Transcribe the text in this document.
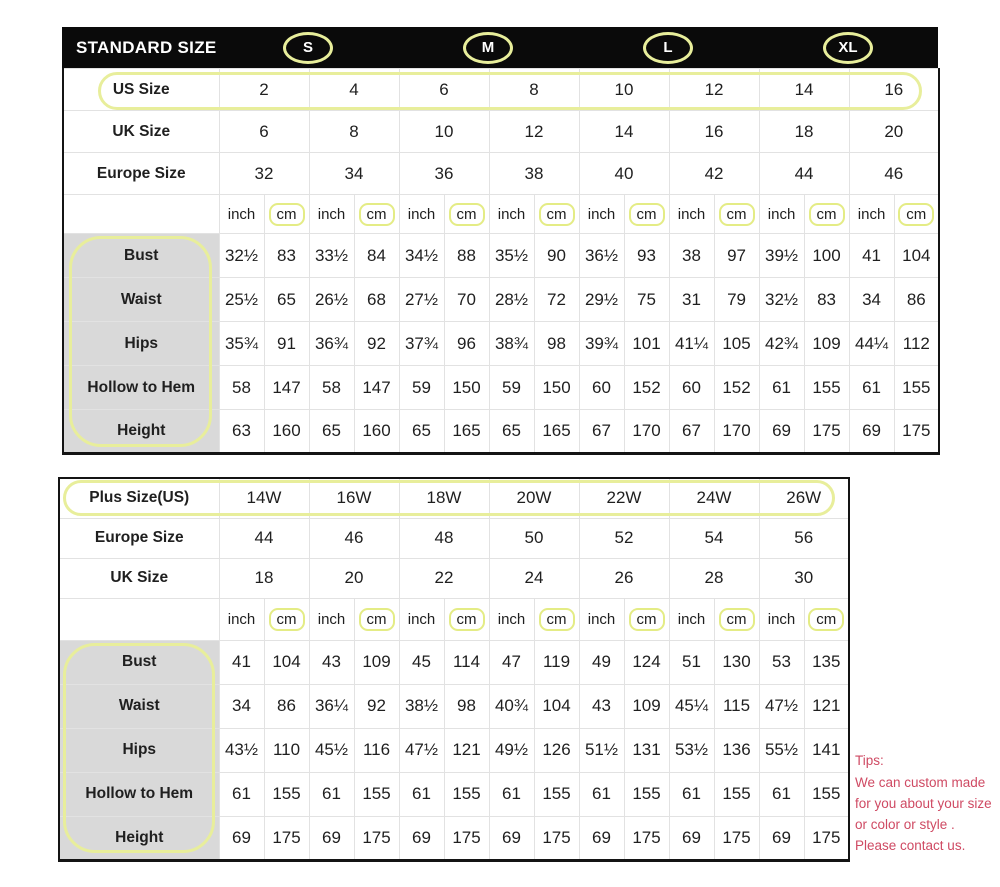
STANDARD SIZE	S	M	L	XL
US Size	2		4		6		8		10		12		14		16	
UK Size	6		8		10		12		14		16		18		20	
Europe Size	32		34		36		38		40		42		44		46	
	inch	cm	inch	cm	inch	cm	inch	cm	inch	cm	inch	cm	inch	cm	inch	cm
Bust	32½	83	33½	84	34½	88	35½	90	36½	93	38	97	39½	100	41	104
Waist	25½	65	26½	68	27½	70	28½	72	29½	75	31	79	32½	83	34	86
Hips	35¾	91	36¾	92	37¾	96	38¾	98	39¾	101	41¼	105	42¾	109	44¼	112
Hollow to Hem	58	147	58	147	59	150	59	150	60	152	60	152	61	155	61	155
Height	63	160	65	160	65	165	65	165	67	170	67	170	69	175	69	175
Plus Size(US)	14W		16W		18W		20W		22W		24W		26W	
Europe Size	44		46		48		50		52		54		56	
UK Size	18		20		22		24		26		28		30	
	inch	cm	inch	cm	inch	cm	inch	cm	inch	cm	inch	cm	inch	cm
Bust	41	104	43	109	45	114	47	119	49	124	51	130	53	135
Waist	34	86	36¼	92	38½	98	40¾	104	43	109	45¼	115	47½	121
Hips	43½	110	45½	116	47½	121	49½	126	51½	131	53½	136	55½	141
Hollow to Hem	61	155	61	155	61	155	61	155	61	155	61	155	61	155
Height	69	175	69	175	69	175	69	175	69	175	69	175	69	175
Tips:
We can custom made
for you about your size
or color or style .
Please contact us.
